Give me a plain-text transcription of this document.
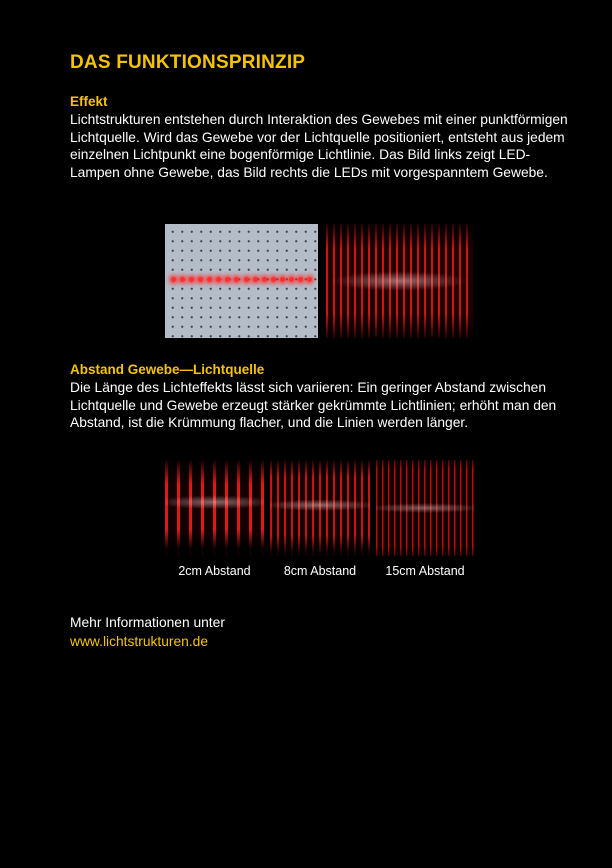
DAS FUNKTIONSPRINZIP
Effekt

Lichtstrukturen entstehen durch Interaktion des Gewebes mit einer punktförmigen Lichtquelle. Wird das Gewebe vor der Lichtquelle positioniert, entsteht aus jedem einzelnen Lichtpunkt eine bogenförmige Lichtlinie. Das Bild links zeigt LED-Lampen ohne Gewebe, das Bild rechts die LEDs mit vorgespanntem Gewebe.

Abstand Gewebe—Lichtquelle

Die Länge des Lichteffekts lässt sich variieren: Ein geringer Abstand zwischen Lichtquelle und Gewebe erzeugt stärker gekrümmte Lichtlinien; erhöht man den Abstand, ist die Krümmung flacher, und die Linien werden länger.

2cm Abstand	8cm Abstand	15cm Abstand
Mehr Informationen unter
www.lichtstrukturen.de
